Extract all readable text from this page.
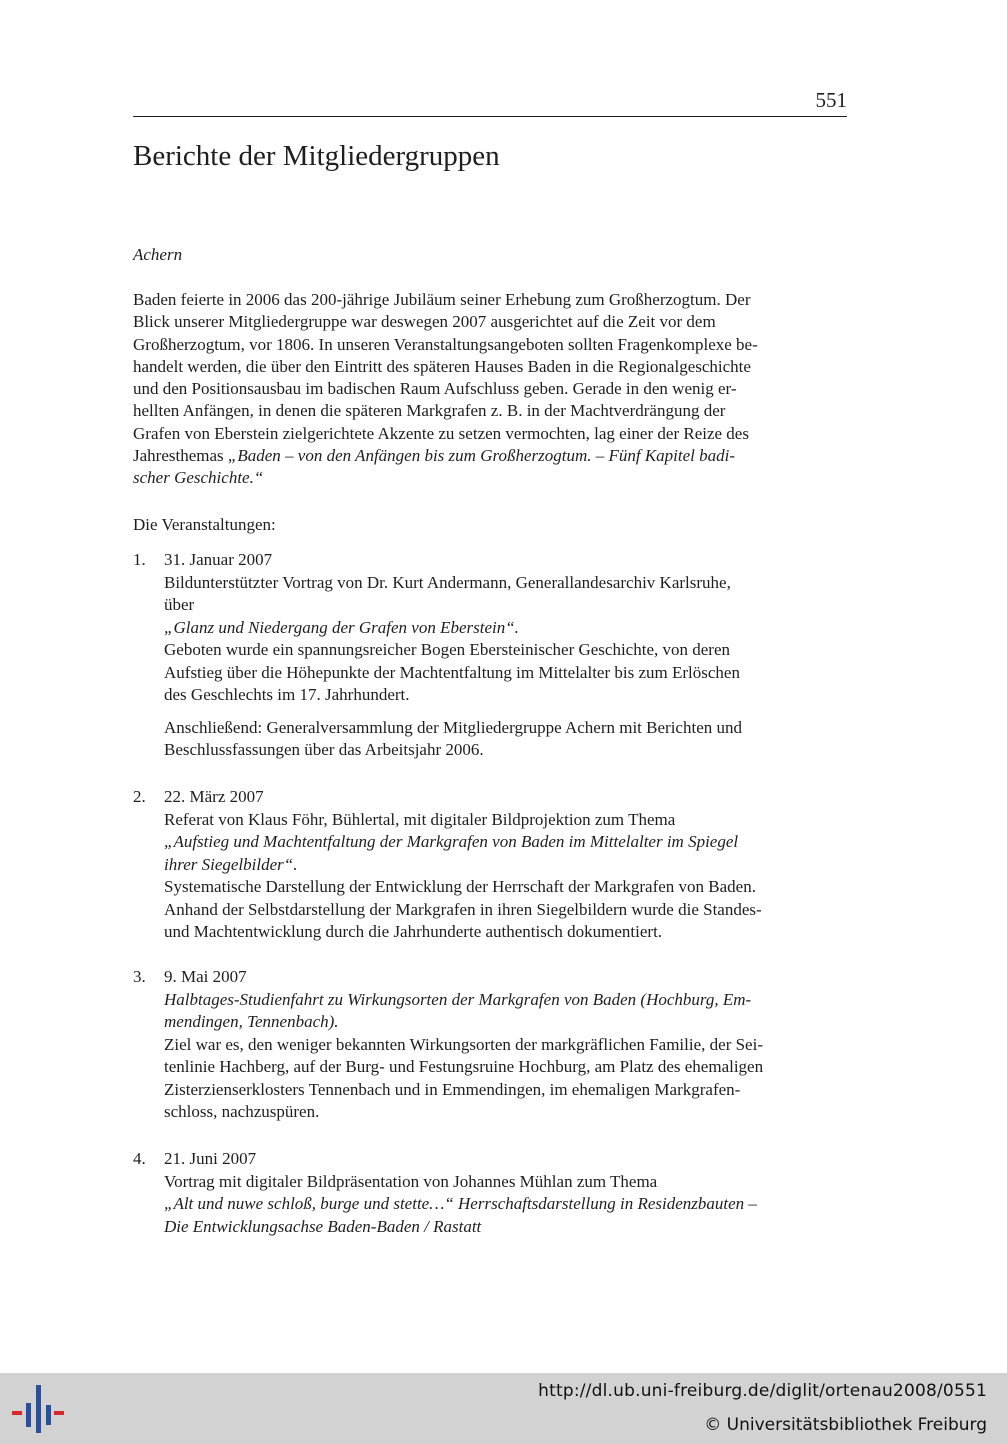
551
Berichte der Mitgliedergruppen
Achern
Baden feierte in 2006 das 200-jährige Jubiläum seiner Erhebung zum Großherzogtum. Der
Blick unserer Mitgliedergruppe war deswegen 2007 ausgerichtet auf die Zeit vor dem
Großherzogtum, vor 1806. In unseren Veranstaltungsangeboten sollten Fragenkomplexe be-
handelt werden, die über den Eintritt des späteren Hauses Baden in die Regionalgeschichte
und den Positionsausbau im badischen Raum Aufschluss geben. Gerade in den wenig er-
hellten Anfängen, in denen die späteren Markgrafen z. B. in der Machtverdrängung der
Grafen von Eberstein zielgerichtete Akzente zu setzen vermochten, lag einer der Reize des
Jahresthemas „Baden – von den Anfängen bis zum Großherzogtum. – Fünf Kapitel badi-
scher Geschichte.“
Die Veranstaltungen:
1. 31. Januar 2007
Bildunterstützter Vortrag von Dr. Kurt Andermann, Generallandesarchiv Karlsruhe,
über
„Glanz und Niedergang der Grafen von Eberstein“.
Geboten wurde ein spannungsreicher Bogen Ebersteinischer Geschichte, von deren
Aufstieg über die Höhepunkte der Machtentfaltung im Mittelalter bis zum Erlöschen
des Geschlechts im 17. Jahrhundert.
Anschließend: Generalversammlung der Mitgliedergruppe Achern mit Berichten und
Beschlussfassungen über das Arbeitsjahr 2006.
2. 22. März 2007
Referat von Klaus Föhr, Bühlertal, mit digitaler Bildprojektion zum Thema
„Aufstieg und Machtentfaltung der Markgrafen von Baden im Mittelalter im Spiegel
ihrer Siegelbilder“.
Systematische Darstellung der Entwicklung der Herrschaft der Markgrafen von Baden.
Anhand der Selbstdarstellung der Markgrafen in ihren Siegelbildern wurde die Standes-
und Machtentwicklung durch die Jahrhunderte authentisch dokumentiert.
3. 9. Mai 2007
Halbtages-Studienfahrt zu Wirkungsorten der Markgrafen von Baden (Hochburg, Em-
mendingen, Tennenbach).
Ziel war es, den weniger bekannten Wirkungsorten der markgräflichen Familie, der Sei-
tenlinie Hachberg, auf der Burg- und Festungsruine Hochburg, am Platz des ehemaligen
Zisterzienserklosters Tennenbach und in Emmendingen, im ehemaligen Markgrafen-
schloss, nachzuspüren.
4. 21. Juni 2007
Vortrag mit digitaler Bildpräsentation von Johannes Mühlan zum Thema
„Alt und nuwe schloß, burge und stette…“ Herrschaftsdarstellung in Residenzbauten –
Die Entwicklungsachse Baden-Baden / Rastatt
http://dl.ub.uni-freiburg.de/diglit/ortenau2008/0551
© Universitätsbibliothek Freiburg
